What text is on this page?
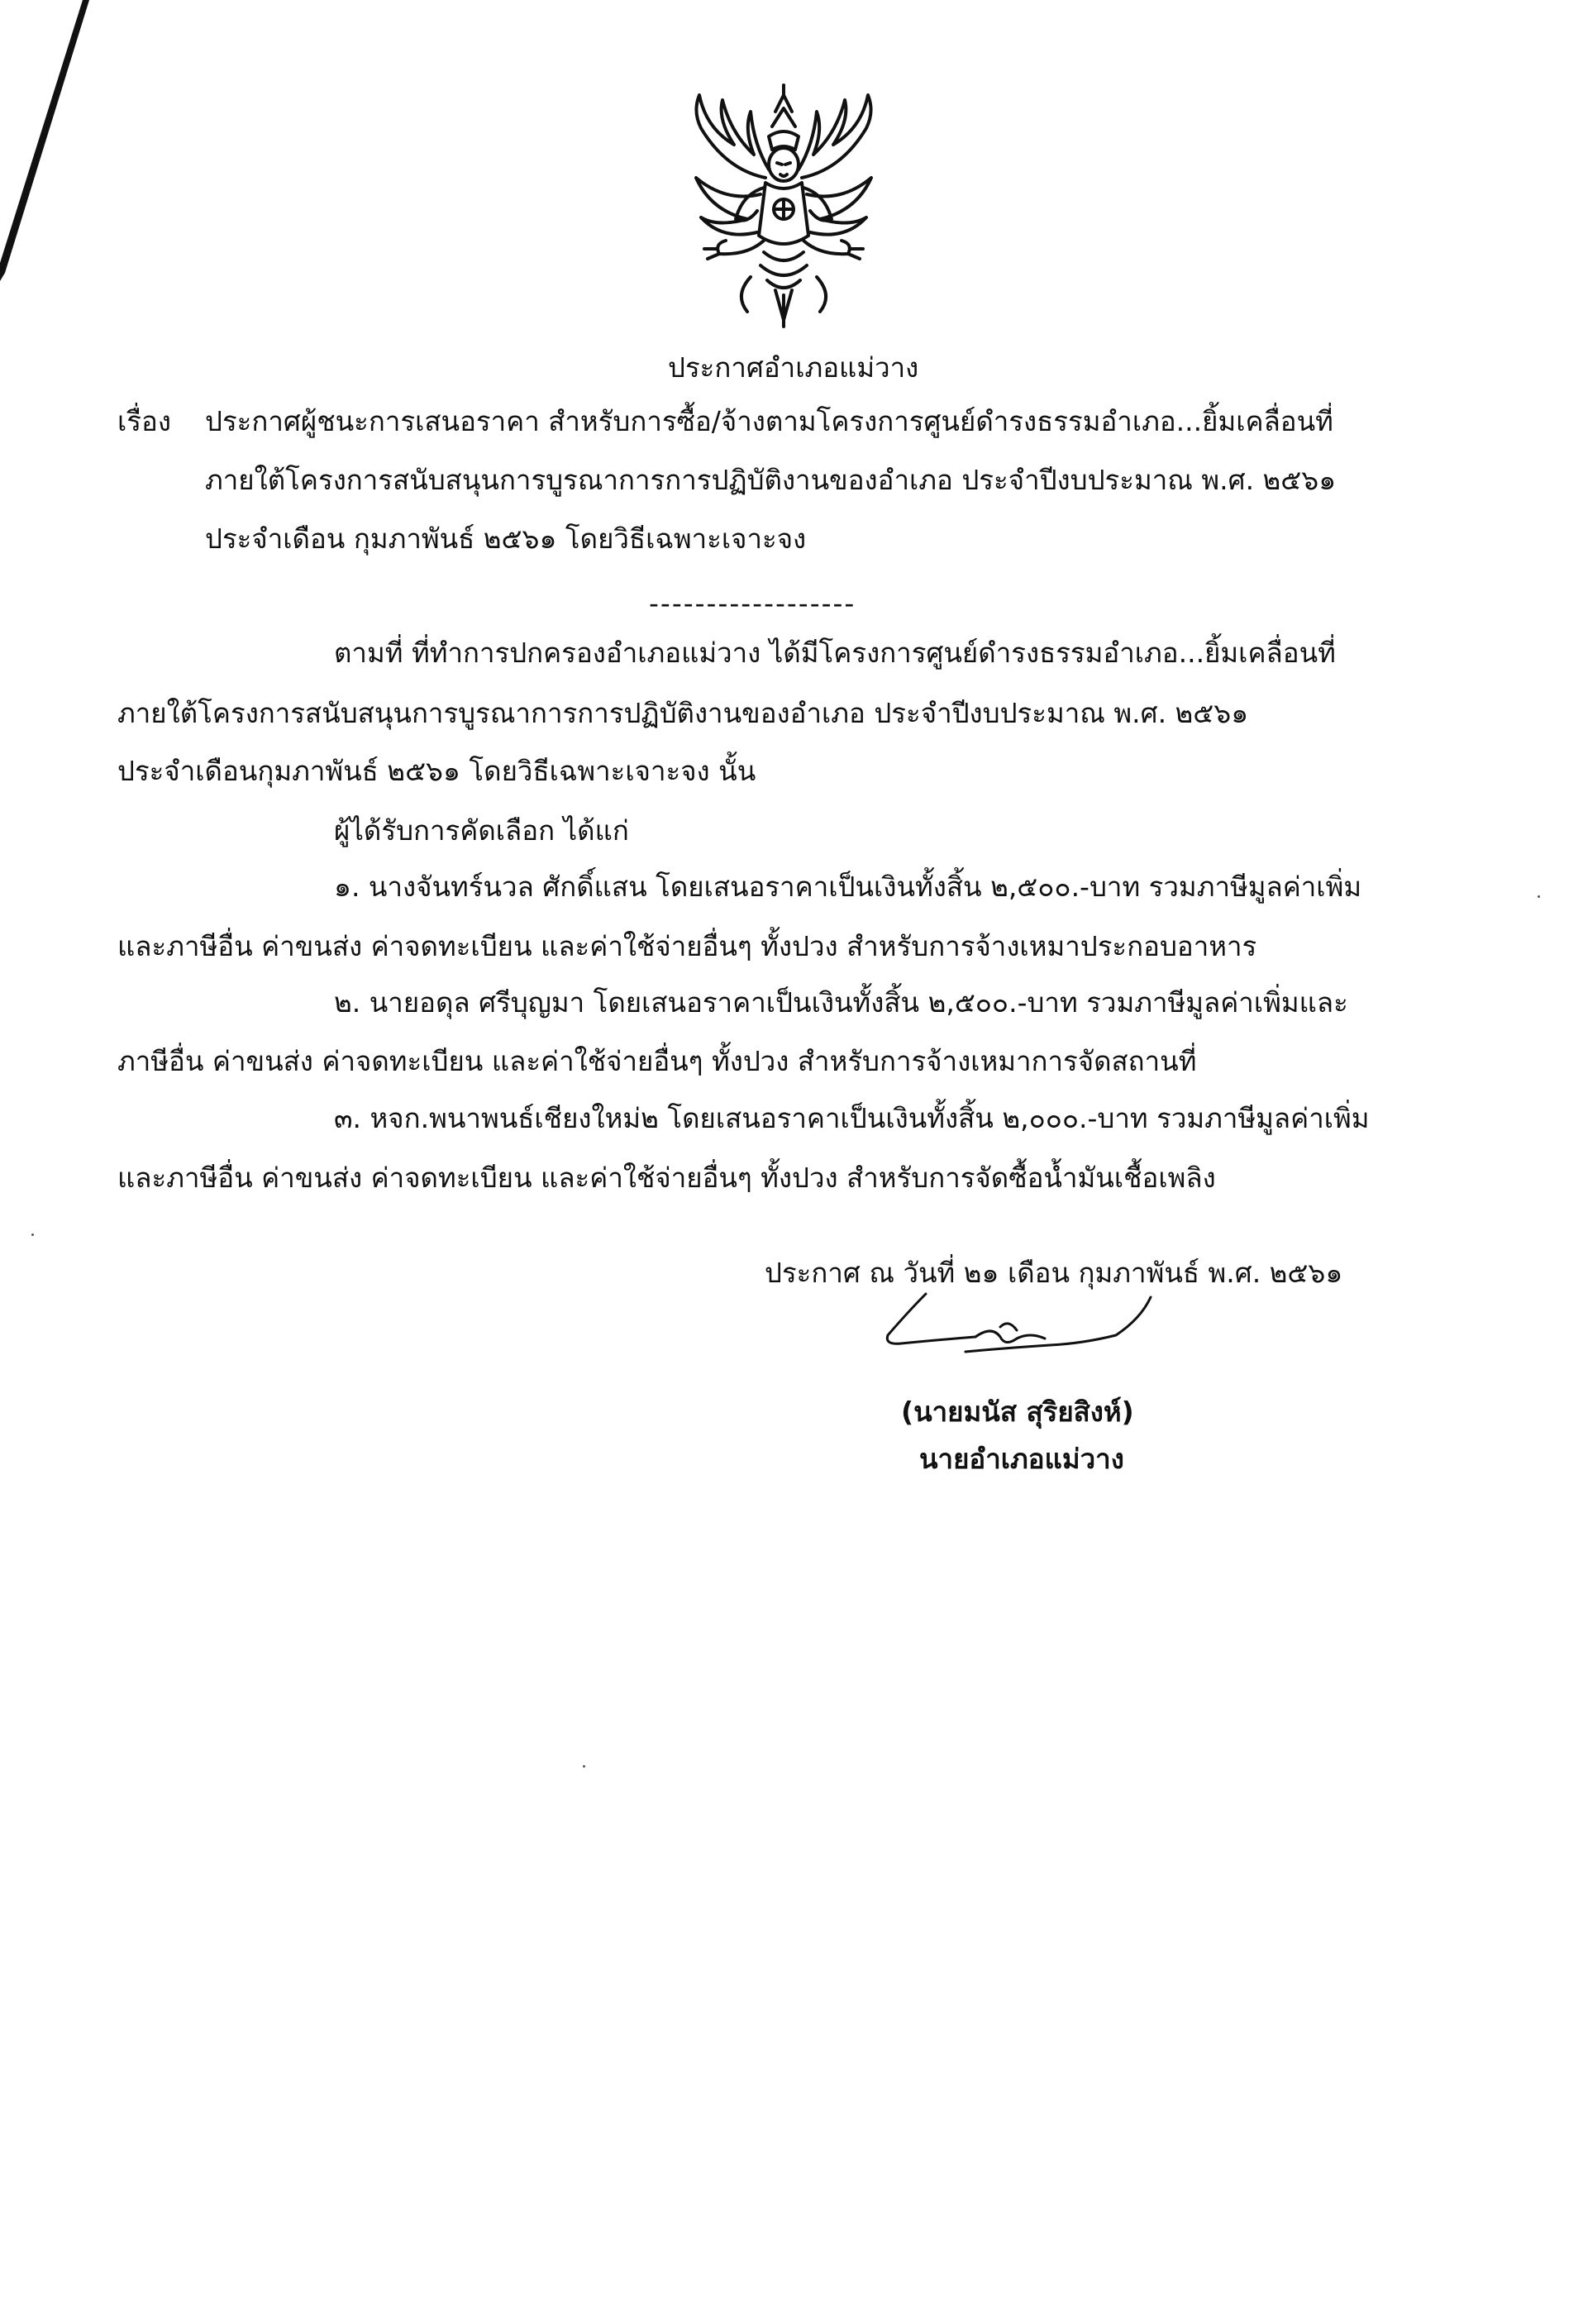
ประกาศอำเภอแม่วาง
เรื่อง ประกาศผู้ชนะการเสนอราคา สำหรับการซื้อ/จ้างตามโครงการศูนย์ดำรงธรรมอำเภอ...ยิ้มเคลื่อนที่
ภายใต้โครงการสนับสนุนการบูรณาการการปฏิบัติงานของอำเภอ ประจำปีงบประมาณ พ.ศ. ๒๕๖๑
ประจำเดือน กุมภาพันธ์ ๒๕๖๑ โดยวิธีเฉพาะเจาะจง
------------------
ตามที่ ที่ทำการปกครองอำเภอแม่วาง ได้มีโครงการศูนย์ดำรงธรรมอำเภอ...ยิ้มเคลื่อนที่
ภายใต้โครงการสนับสนุนการบูรณาการการปฏิบัติงานของอำเภอ ประจำปีงบประมาณ พ.ศ. ๒๕๖๑
ประจำเดือนกุมภาพันธ์ ๒๕๖๑ โดยวิธีเฉพาะเจาะจง นั้น
ผู้ได้รับการคัดเลือก ได้แก่
๑. นางจันทร์นวล ศักดิ์แสน โดยเสนอราคาเป็นเงินทั้งสิ้น ๒,๕๐๐.-บาท รวมภาษีมูลค่าเพิ่ม
และภาษีอื่น ค่าขนส่ง ค่าจดทะเบียน และค่าใช้จ่ายอื่นๆ ทั้งปวง สำหรับการจ้างเหมาประกอบอาหาร
๒. นายอดุล ศรีบุญมา โดยเสนอราคาเป็นเงินทั้งสิ้น ๒,๕๐๐.-บาท รวมภาษีมูลค่าเพิ่มและ
ภาษีอื่น ค่าขนส่ง ค่าจดทะเบียน และค่าใช้จ่ายอื่นๆ ทั้งปวง สำหรับการจ้างเหมาการจัดสถานที่
๓. หจก.พนาพนธ์เชียงใหม่๒ โดยเสนอราคาเป็นเงินทั้งสิ้น ๒,๐๐๐.-บาท รวมภาษีมูลค่าเพิ่ม
และภาษีอื่น ค่าขนส่ง ค่าจดทะเบียน และค่าใช้จ่ายอื่นๆ ทั้งปวง สำหรับการจัดซื้อน้ำมันเชื้อเพลิง
ประกาศ ณ วันที่ ๒๑ เดือน กุมภาพันธ์ พ.ศ. ๒๕๖๑
(นายมนัส สุริยสิงห์)
นายอำเภอแม่วาง
